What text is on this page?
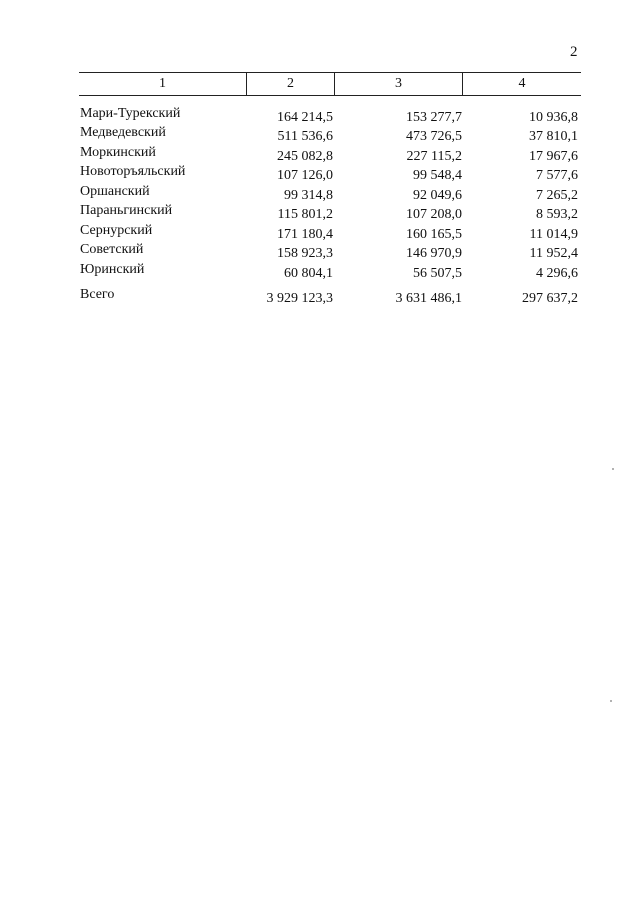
2
1	2	3	4
Мари-Турекский	164 214,5	153 277,7	10 936,8
Медведевский	511 536,6	473 726,5	37 810,1
Моркинский	245 082,8	227 115,2	17 967,6
Новоторъяльский	107 126,0	99 548,4	7 577,6
Оршанский	99 314,8	92 049,6	7 265,2
Параньгинский	115 801,2	107 208,0	8 593,2
Сернурский	171 180,4	160 165,5	11 014,9
Советский	158 923,3	146 970,9	11 952,4
Юринский	60 804,1	56 507,5	4 296,6
Всего	3 929 123,3	3 631 486,1	297 637,2
